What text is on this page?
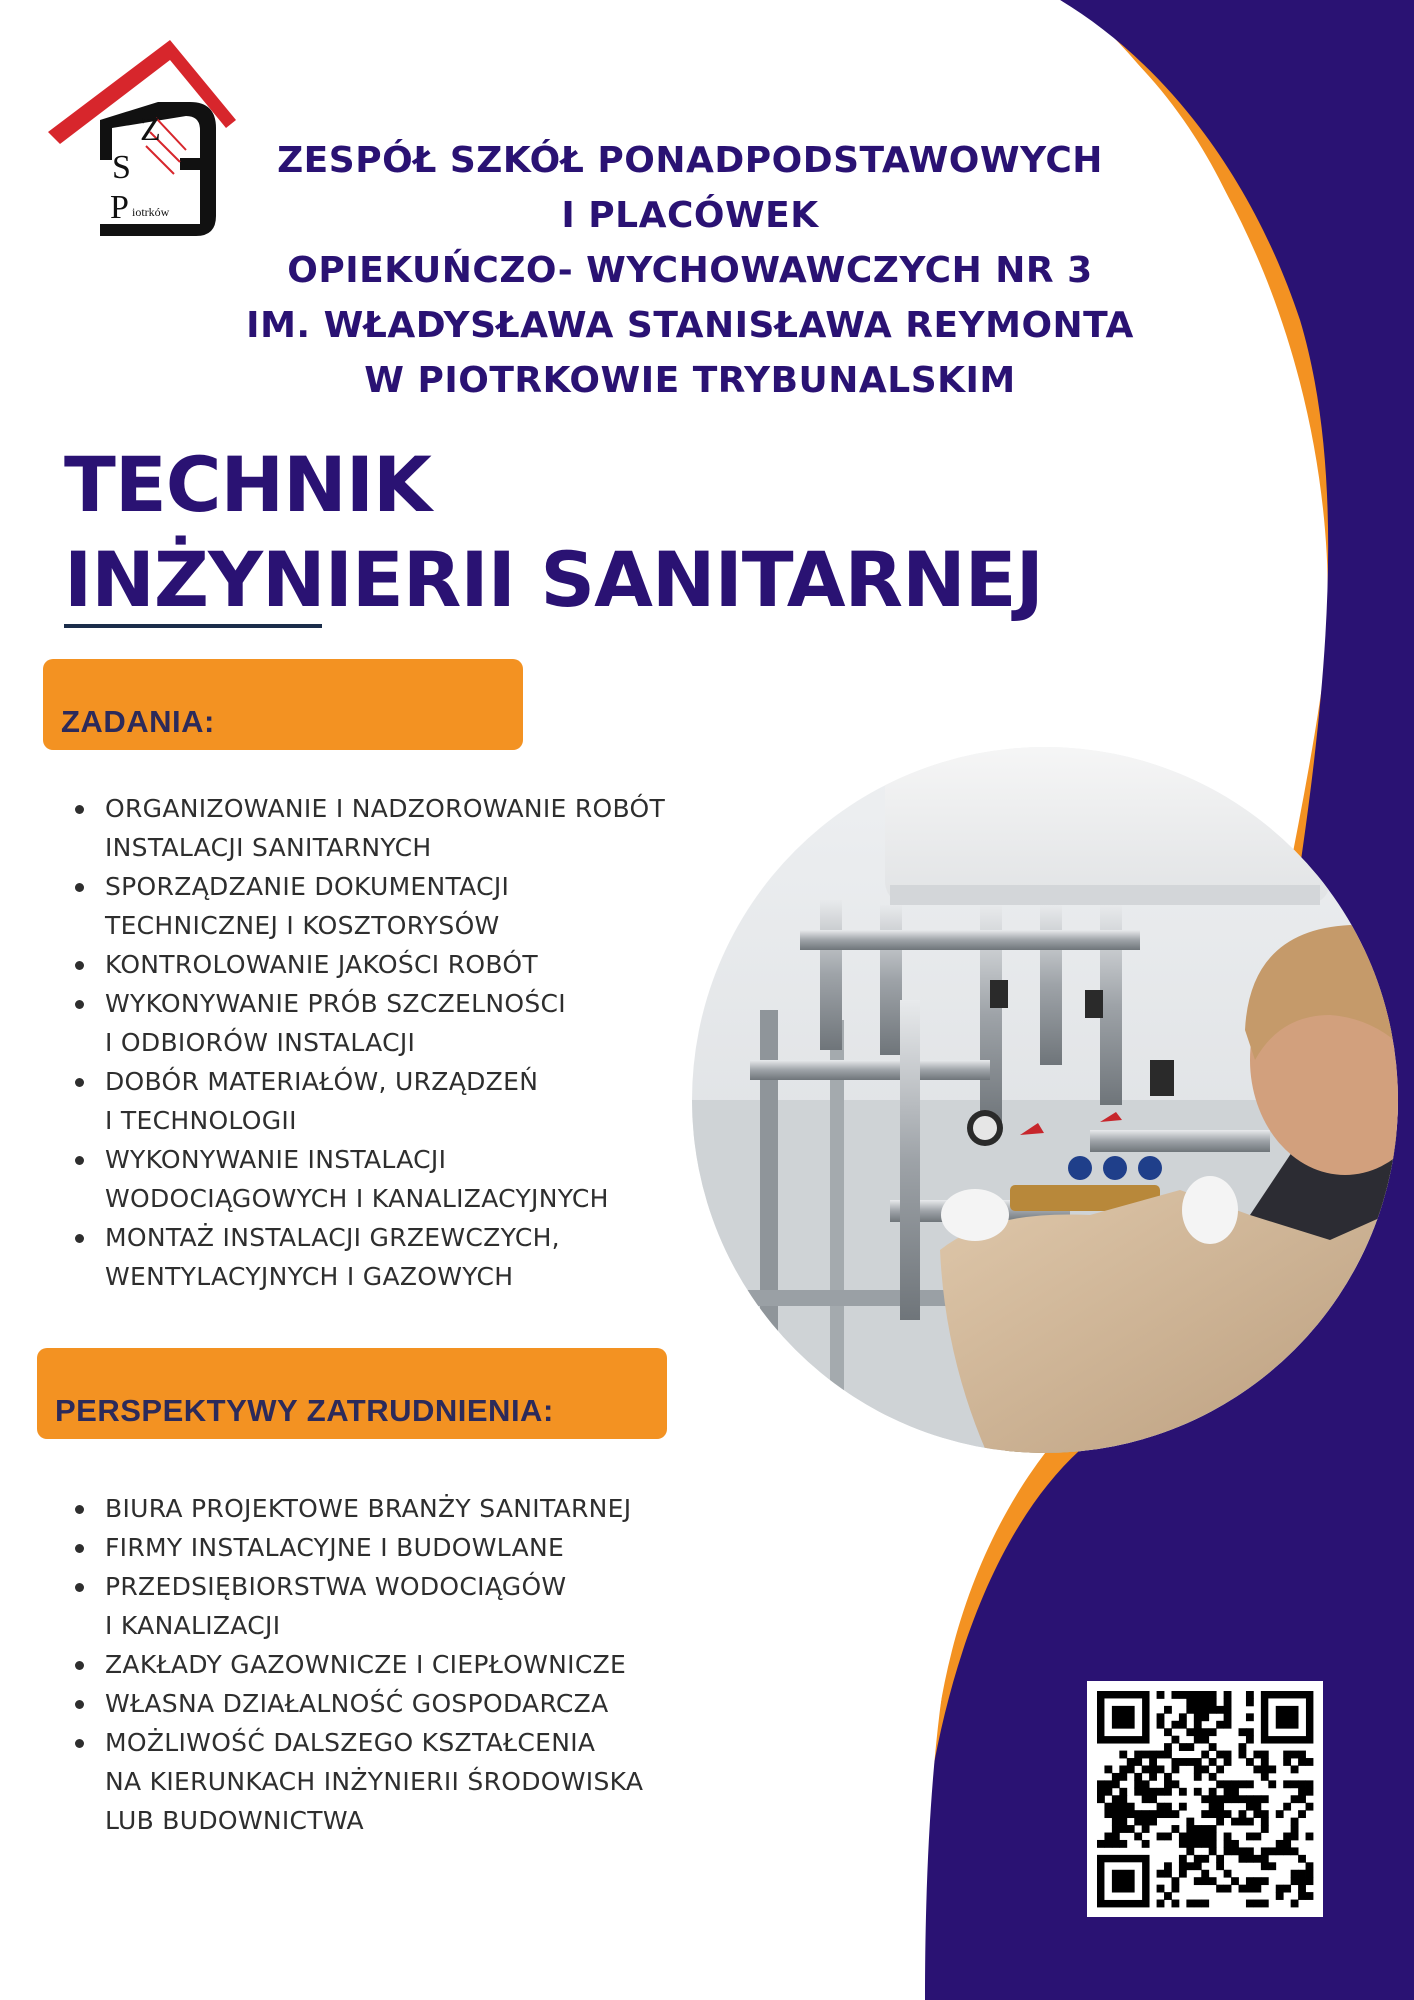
Z
S
P iotrków
ZESPÓŁ SZKÓŁ PONADPODSTAWOWYCH
I PLACÓWEK
OPIEKUŃCZO- WYCHOWAWCZYCH NR 3
IM. WŁADYSŁAWA STANISŁAWA REYMONTA
W PIOTRKOWIE TRYBUNALSKIM
TECHNIK
INŻYNIERII SANITARNEJ
ZADANIA:
ORGANIZOWANIE I NADZOROWANIE ROBÓT
INSTALACJI SANITARNYCH
SPORZĄDZANIE DOKUMENTACJI
TECHNICZNEJ I KOSZTORYSÓW
KONTROLOWANIE JAKOŚCI ROBÓT
WYKONYWANIE PRÓB SZCZELNOŚCI
I ODBIORÓW INSTALACJI
DOBÓR MATERIAŁÓW, URZĄDZEŃ
I TECHNOLOGII
WYKONYWANIE INSTALACJI
WODOCIĄGOWYCH I KANALIZACYJNYCH
MONTAŻ INSTALACJI GRZEWCZYCH,
WENTYLACYJNYCH I GAZOWYCH
PERSPEKTYWY ZATRUDNIENIA:
BIURA PROJEKTOWE BRANŻY SANITARNEJ
FIRMY INSTALACYJNE I BUDOWLANE
PRZEDSIĘBIORSTWA WODOCIĄGÓW
I KANALIZACJI
ZAKŁADY GAZOWNICZE I CIEPŁOWNICZE
WŁASNA DZIAŁALNOŚĆ GOSPODARCZA
MOŻLIWOŚĆ DALSZEGO KSZTAŁCENIA
NA KIERUNKACH INŻYNIERII ŚRODOWISKA
LUB BUDOWNICTWA
